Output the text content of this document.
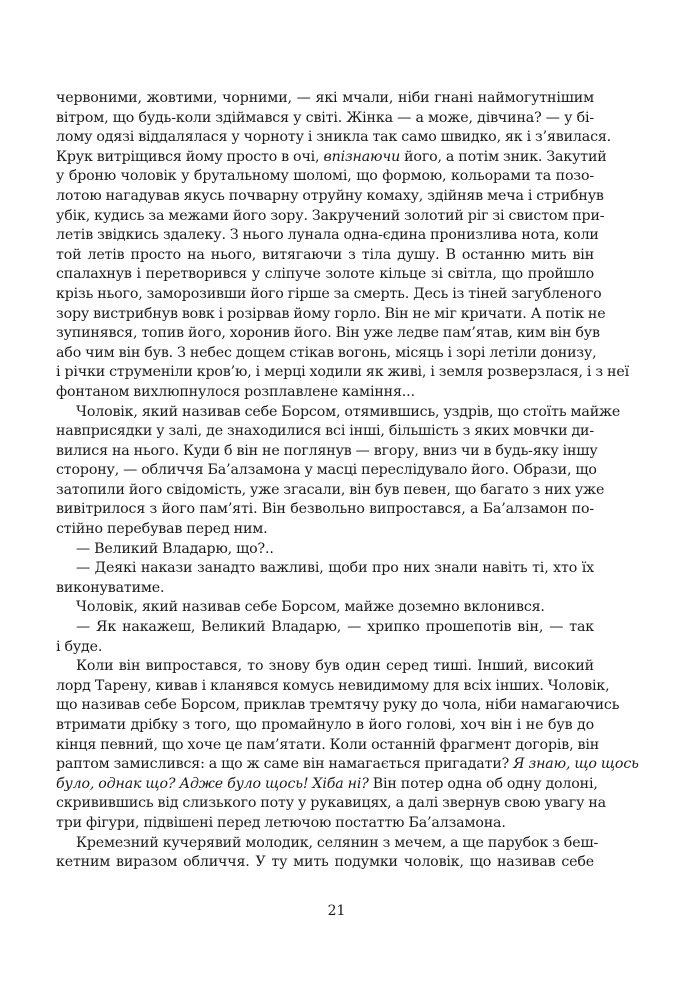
червоними, жовтими, чорними, — які мчали, ніби гнані наймогутнішим
вітром, що будь-коли здіймався у світі. Жінка — а може, дівчина? — у бі-
лому одязі віддалялася у чорноту і зникла так само швидко, як і з’явилася.
Крук витріщився йому просто в очі, впізнаючи його, а потім зник. Закутий
у броню чоловік у брутальному шоломі, що формою, кольорами та позо-
лотою нагадував якусь почварну отруйну комаху, здійняв меча і стрибнув
убік, кудись за межами його зору. Закручений золотий ріг зі свистом при-
летів звідкись здалеку. З нього лунала одна-єдина пронизлива нота, коли
той летів просто на нього, витягаючи з тіла душу. В останню мить він
спалахнув і перетворився у сліпуче золоте кільце зі світла, що пройшло
крізь нього, заморозивши його гірше за смерть. Десь із тіней загубленого
зору вистрибнув вовк і розірвав йому горло. Він не міг кричати. А потік не
зупинявся, топив його, хоронив його. Він уже ледве пам’ятав, ким він був
або чим він був. З небес дощем стікав вогонь, місяць і зорі летіли донизу,
і річки струменіли кров’ю, і мерці ходили як живі, і земля розверзлася, і з неї
фонтаном вихлюпнулося розплавлене каміння...
Чоловік, який називав себе Борсом, отямившись, уздрів, що стоїть майже
навприсядки у залі, де знаходилися всі інші, більшість з яких мовчки ди-
вилися на нього. Куди б він не поглянув — вгору, вниз чи в будь-яку іншу
сторону, — обличчя Ба’алзамона у масці переслідувало його. Образи, що
затопили його свідомість, уже згасали, він був певен, що багато з них уже
вивітрилося з його пам’яті. Він безвольно випростався, а Ба’алзамон по-
стійно перебував перед ним.
— Великий Владарю, що?..
— Деякі накази занадто важливі, щоби про них знали навіть ті, хто їх
виконуватиме.
Чоловік, який називав себе Борсом, майже доземно вклонився.
— Як накажеш, Великий Владарю, — хрипко прошепотів він, — так
і буде.
Коли він випростався, то знову був один серед тиші. Інший, високий
лорд Тарену, кивав і кланявся комусь невидимому для всіх інших. Чоловік,
що називав себе Борсом, приклав тремтячу руку до чола, ніби намагаючись
втримати дрібку з того, що промайнуло в його голові, хоч він і не був до
кінця певний, що хоче це пам’ятати. Коли останній фрагмент догорів, він
раптом замислився: а що ж саме він намагається пригадати? Я знаю, що щось
було, однак що? Адже було щось! Хіба ні? Він потер одна об одну долоні,
скривившись від слизького поту у рукавицях, а далі звернув свою увагу на
три фігури, підвішені перед летючою постаттю Ба’алзамона.
Кремезний кучерявий молодик, селянин з мечем, а ще парубок з беш-
кетним виразом обличчя. У ту мить подумки чоловік, що називав себе
21
